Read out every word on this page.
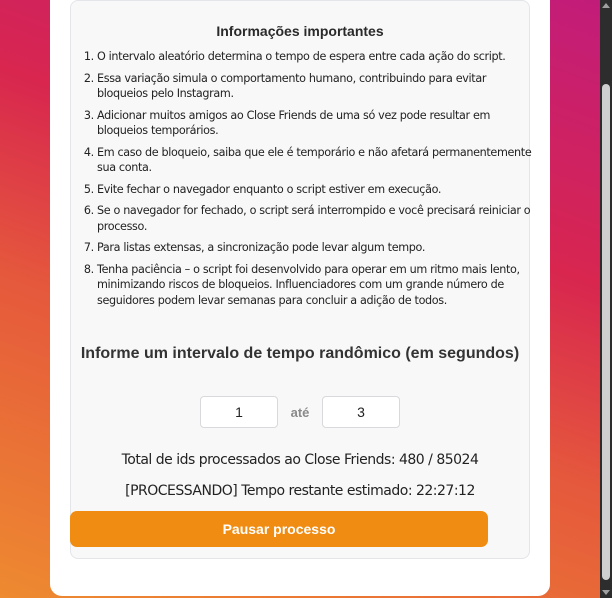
Informações importantes
1. O intervalo aleatório determina o tempo de espera entre cada ação do script.
2. Essa variação simula o comportamento humano, contribuindo para evitar bloqueios pelo Instagram.
3. Adicionar muitos amigos ao Close Friends de uma só vez pode resultar em bloqueios temporários.
4. Em caso de bloqueio, saiba que ele é temporário e não afetará permanentemente sua conta.
5. Evite fechar o navegador enquanto o script estiver em execução.
6. Se o navegador for fechado, o script será interrompido e você precisará reiniciar o processo.
7. Para listas extensas, a sincronização pode levar algum tempo.
8. Tenha paciência – o script foi desenvolvido para operar em um ritmo mais lento, minimizando riscos de bloqueios. Influenciadores com um grande número de seguidores podem levar semanas para concluir a adição de todos.
Informe um intervalo de tempo randômico (em segundos)
1
até
3
Total de ids processados ao Close Friends: 480 / 85024
[PROCESSANDO] Tempo restante estimado: 22:27:12
Pausar processo
